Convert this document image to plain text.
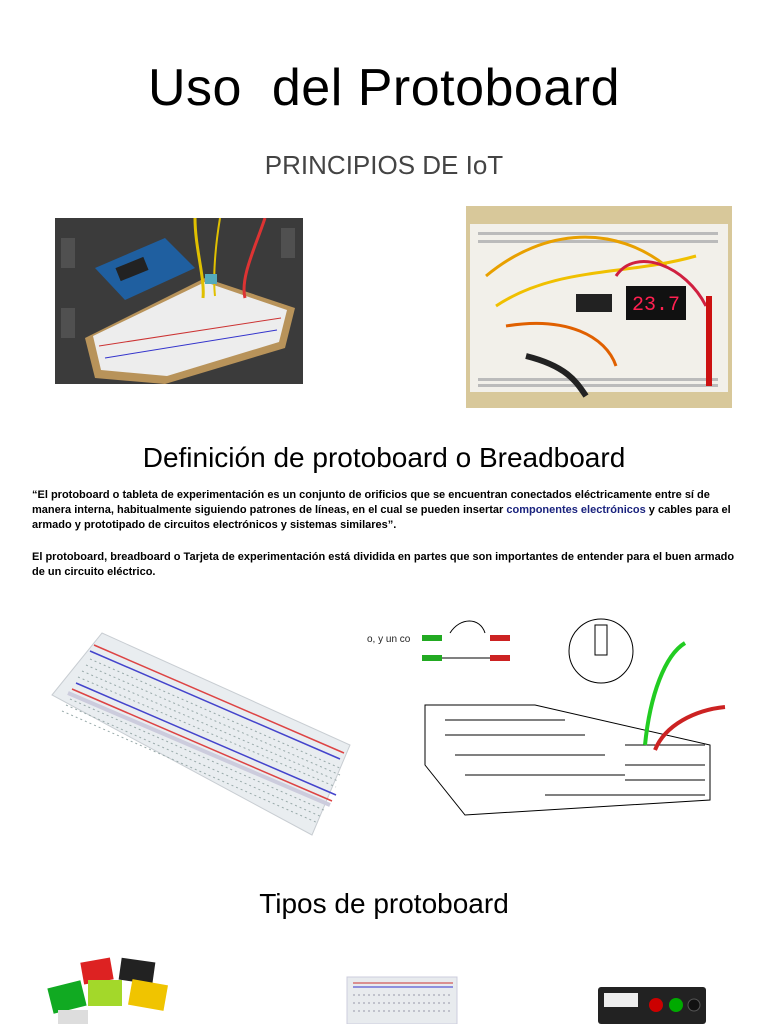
Uso  del Protoboard
PRINCIPIOS DE IoT
23.7
Definición de protoboard o Breadboard
“El protoboard o tableta de experimentación es un conjunto de orificios que se encuentran conectados eléctricamente entre sí de manera interna, habitualmente siguiendo patrones de líneas, en el cual se pueden insertar componentes electrónicos y cables para el armado y prototipado de circuitos electrónicos y sistemas similares”.
El protoboard, breadboard o Tarjeta de experimentación está dividida en partes que son importantes de entender para el buen armado de un circuito eléctrico.
o, y un co
Tipos de protoboard
